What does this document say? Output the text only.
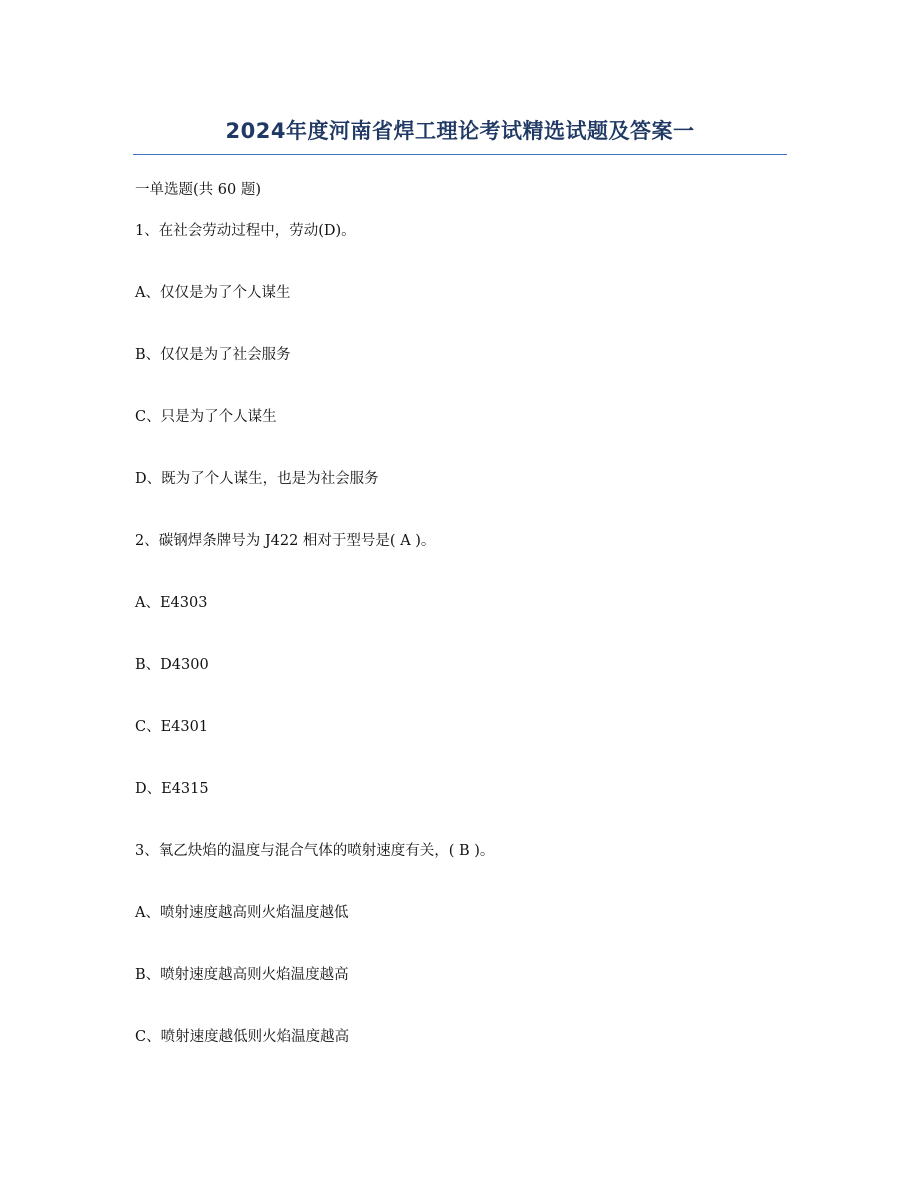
2024年度河南省焊工理论考试精选试题及答案一
一单选题(共 60 题)
1、在社会劳动过程中，劳动(D)。
A、仅仅是为了个人谋生
B、仅仅是为了社会服务
C、只是为了个人谋生
D、既为了个人谋生，也是为社会服务
2、碳钢焊条牌号为 J422 相对于型号是( A )。
A、E4303
B、D4300
C、E4301
D、E4315
3、氧乙炔焰的温度与混合气体的喷射速度有关，( B )。
A、喷射速度越高则火焰温度越低
B、喷射速度越高则火焰温度越高
C、喷射速度越低则火焰温度越高
